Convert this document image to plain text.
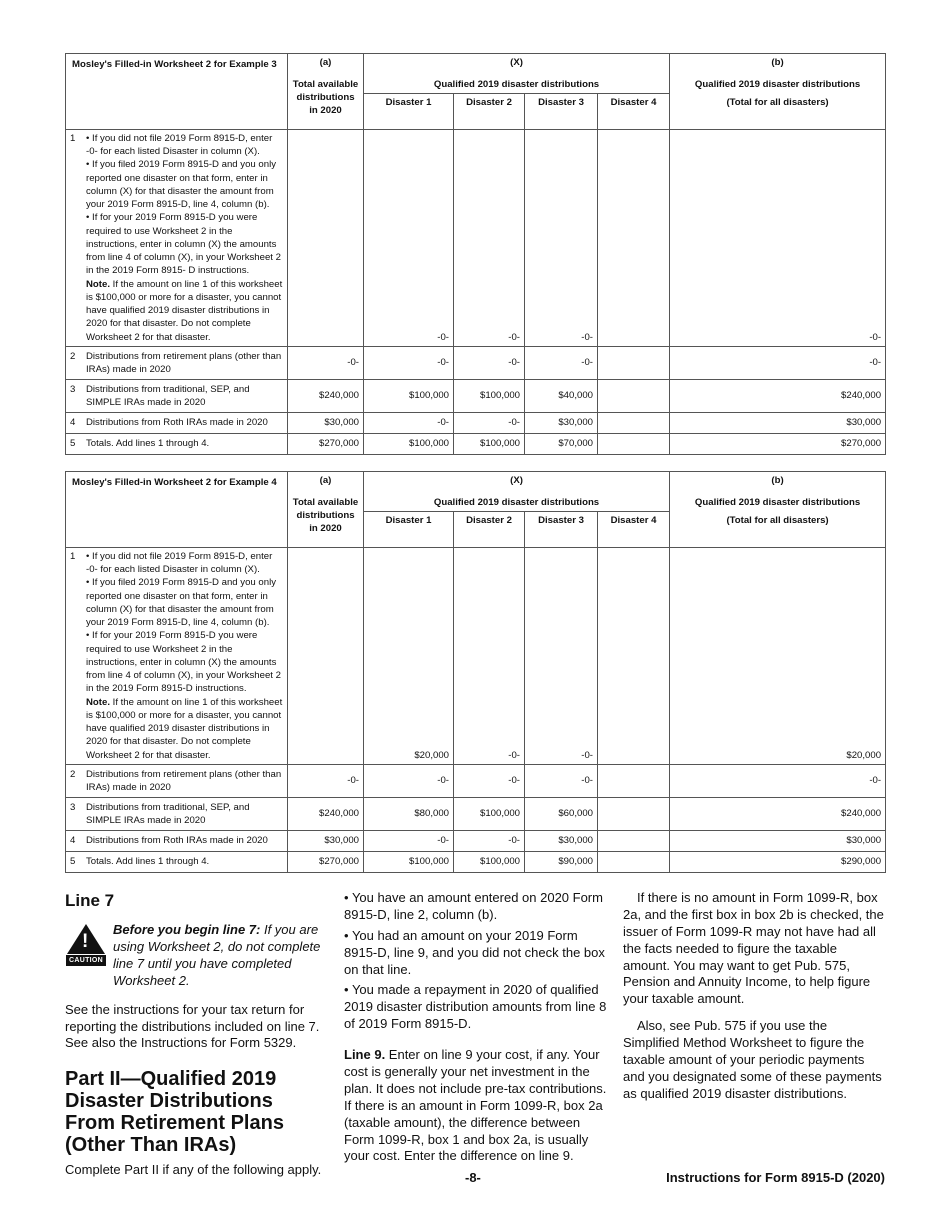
Mosley's Filled-in Worksheet 2 for Example 3	(a)	(X)				(b)
	Total available distributions in 2020	Qualified 2019 disaster distributions				Qualified 2019 disaster distributions
		Disaster 1	Disaster 2	Disaster 3	Disaster 4	(Total for all disasters)

1 • If you did not file 2019 Form 8915-D, enter -0- for each listed Disaster in column (X).
• If you filed 2019 Form 8915-D and you only reported one disaster on that form, enter in column (X) for that disaster the amount from your 2019 Form 8915-D, line 4, column (b).
• If for your 2019 Form 8915-D you were required to use Worksheet 2 in the instructions, enter in column (X) the amounts from line 4 of column (X), in your Worksheet 2 in the 2019 Form 8915- D instructions.
Note. If the amount on line 1 of this worksheet is $100,000 or more for a disaster, you cannot have qualified 2019 disaster distributions in 2020 for that disaster. Do not complete Worksheet 2 for that disaster.		-0-	-0-	-0-		-0-

2 Distributions from retirement plans (other than IRAs) made in 2020	-0-	-0-	-0-	-0-		-0-

3 Distributions from traditional, SEP, and SIMPLE IRAs made in 2020	$240,000	$100,000	$100,000	$40,000		$240,000

4 Distributions from Roth IRAs made in 2020	$30,000	-0-	-0-	$30,000		$30,000

5 Totals. Add lines 1 through 4.	$270,000	$100,000	$100,000	$70,000		$270,000
Mosley's Filled-in Worksheet 2 for Example 4	(a)	(X)				(b)
	Total available distributions in 2020	Qualified 2019 disaster distributions				Qualified 2019 disaster distributions
		Disaster 1	Disaster 2	Disaster 3	Disaster 4	(Total for all disasters)

1 • If you did not file 2019 Form 8915-D, enter -0- for each listed Disaster in column (X).
• If you filed 2019 Form 8915-D and you only reported one disaster on that form, enter in column (X) for that disaster the amount from your 2019 Form 8915-D, line 4, column (b).
• If for your 2019 Form 8915-D you were required to use Worksheet 2 in the instructions, enter in column (X) the amounts from line 4 of column (X), in your Worksheet 2 in the 2019 Form 8915-D instructions.
Note. If the amount on line 1 of this worksheet is $100,000 or more for a disaster, you cannot have qualified 2019 disaster distributions in 2020 for that disaster. Do not complete Worksheet 2 for that disaster.		$20,000	-0-	-0-		$20,000

2 Distributions from retirement plans (other than IRAs) made in 2020	-0-	-0-	-0-	-0-		-0-

3 Distributions from traditional, SEP, and SIMPLE IRAs made in 2020	$240,000	$80,000	$100,000	$60,000		$240,000

4 Distributions from Roth IRAs made in 2020	$30,000	-0-	-0-	$30,000		$30,000

5 Totals. Add lines 1 through 4.	$270,000	$100,000	$100,000	$90,000		$290,000
Line 7
!
CAUTION
Before you begin line 7: If you are using Worksheet 2, do not complete line 7 until you have completed Worksheet 2.

See the instructions for your tax return for reporting the distributions included on line 7. See also the Instructions for Form 5329.

Part II—Qualified 2019 Disaster Distributions From Retirement Plans (Other Than IRAs)

Complete Part II if any of the following apply.

• You have an amount entered on 2020 Form 8915-D, line 2, column (b).

• You had an amount on your 2019 Form 8915-D, line 9, and you did not check the box on that line.

• You made a repayment in 2020 of qualified 2019 disaster distribution amounts from line 8 of 2019 Form 8915-D.

Line 9. Enter on line 9 your cost, if any. Your cost is generally your net investment in the plan. It does not include pre-tax contributions. If there is an amount in Form 1099-R, box 2a (taxable amount), the difference between Form 1099-R, box 1 and box 2a, is usually your cost. Enter the difference on line 9.

If there is no amount in Form 1099-R, box 2a, and the first box in box 2b is checked, the issuer of Form 1099-R may not have had all the facts needed to figure the taxable amount. You may want to get Pub. 575, Pension and Annuity Income, to help figure your taxable amount.

Also, see Pub. 575 if you use the Simplified Method Worksheet to figure the taxable amount of your periodic payments and you designated some of these payments as qualified 2019 disaster distributions.

-8-	Instructions for Form 8915-D (2020)
